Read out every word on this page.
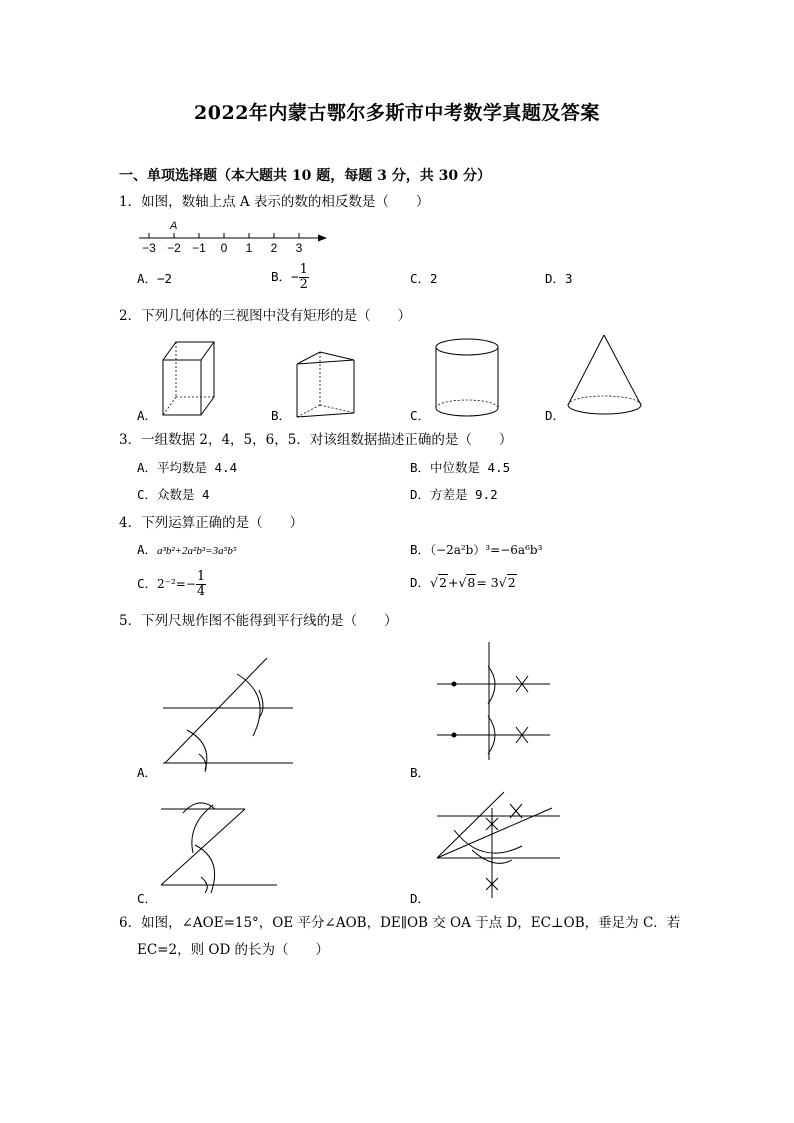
2022年内蒙古鄂尔多斯市中考数学真题及答案
一、单项选择题（本大题共 10 题，每题 3 分，共 30 分）
1．如图，数轴上点 A 表示的数的相反数是（　　）
A
−3 −2 −1 0 1 2 3
A．−2	B．− $\frac{1}{2}$	C．2	D．3
2．下列几何体的三视图中没有矩形的是（　　）
A．	B．	C．	D．
3．一组数据 2，4，5，6，5．对该组数据描述正确的是（　　）
A．平均数是 4.4	B．中位数是 4.5
C．众数是 4	D．方差是 9.2
4．下列运算正确的是（　　）
A．a³b²+2a²b³=3a⁵b⁵	B．（−2a²b）³=−6a⁶b³
C．$2^{-2}=- \frac{1}{4}$	D．√2+√8= 3√2
5．下列尺规作图不能得到平行线的是（　　）
A．	B．
C．	D．
6．如图，∠AOE=15°，OE 平分∠AOB，DE∥OB 交 OA 于点 D，EC⊥OB，垂足为 C．若
EC=2，则 OD 的长为（　　）
